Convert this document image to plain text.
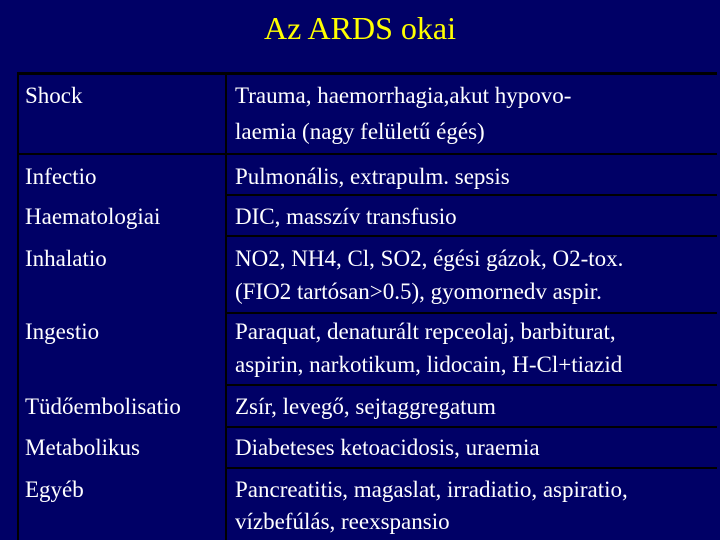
Az ARDS okai
Shock	Trauma, haemorrhagia,akut hypovo-
laemia (nagy felületű égés)
Infectio	Pulmonális, extrapulm. sepsis
Haematologiai	DIC, masszív transfusio
Inhalatio	NO2, NH4, Cl, SO2, égési gázok, O2-tox.
(FIO2 tartósan>0.5), gyomornedv aspir.
Ingestio	Paraquat, denaturált repceolaj, barbiturat,
aspirin, narkotikum, lidocain, H-Cl+tiazid
Tüdőembolisatio Zsír, levegő, sejtaggregatum
Metabolikus	Diabeteses ketoacidosis, uraemia
Egyéb	Pancreatitis, magaslat, irradiatio, aspiratio,
vízbefúlás, reexspansio
